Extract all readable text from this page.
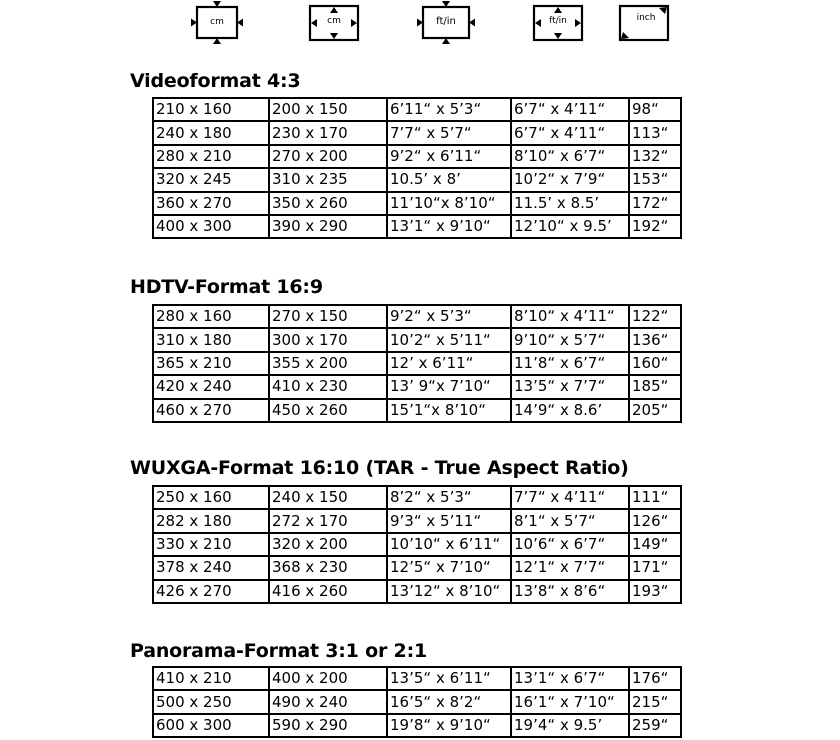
cm	cm	ft/in	ft/in	inch
Videoformat 4:3
210 x 160	200 x 150	6’11“ x 5’3“	6’7“ x 4’11“	98“
240 x 180	230 x 170	7’7“ x 5’7“	6’7“ x 4’11“	113“
280 x 210	270 x 200	9’2“ x 6’11“	8’10“ x 6’7“	132“
320 x 245	310 x 235	10.5’ x 8’	10’2“ x 7’9“	153“
360 x 270	350 x 260	11’10“x 8’10“	11.5’ x 8.5’	172“
400 x 300	390 x 290	13’1“ x 9’10“	12’10“ x 9.5’	192“
HDTV-Format 16:9
280 x 160	270 x 150	9’2“ x 5’3“	8’10“ x 4’11“	122“
310 x 180	300 x 170	10’2“ x 5’11“	9’10“ x 5’7“	136“
365 x 210	355 x 200	12’ x 6’11“	11’8“ x 6’7“	160“
420 x 240	410 x 230	13’ 9“x 7’10“	13’5“ x 7’7“	185“
460 x 270	450 x 260	15’1“x 8’10“	14’9“ x 8.6’	205“
WUXGA-Format 16:10 (TAR - True Aspect Ratio)
250 x 160	240 x 150	8’2“ x 5’3“	7’7“ x 4’11“	111“
282 x 180	272 x 170	9’3“ x 5’11“	8’1“ x 5’7“	126“
330 x 210	320 x 200	10’10“ x 6’11“	10’6“ x 6’7“	149“
378 x 240	368 x 230	12’5“ x 7’10“	12’1“ x 7’7“	171“
426 x 270	416 x 260	13’12“ x 8’10“	13’8“ x 8’6“	193“
Panorama-Format 3:1 or 2:1
410 x 210	400 x 200	13’5“ x 6’11“	13’1“ x 6’7“	176“
500 x 250	490 x 240	16’5“ x 8’2“	16’1“ x 7’10“	215“
600 x 300	590 x 290	19’8“ x 9’10“	19’4“ x 9.5’	259“
